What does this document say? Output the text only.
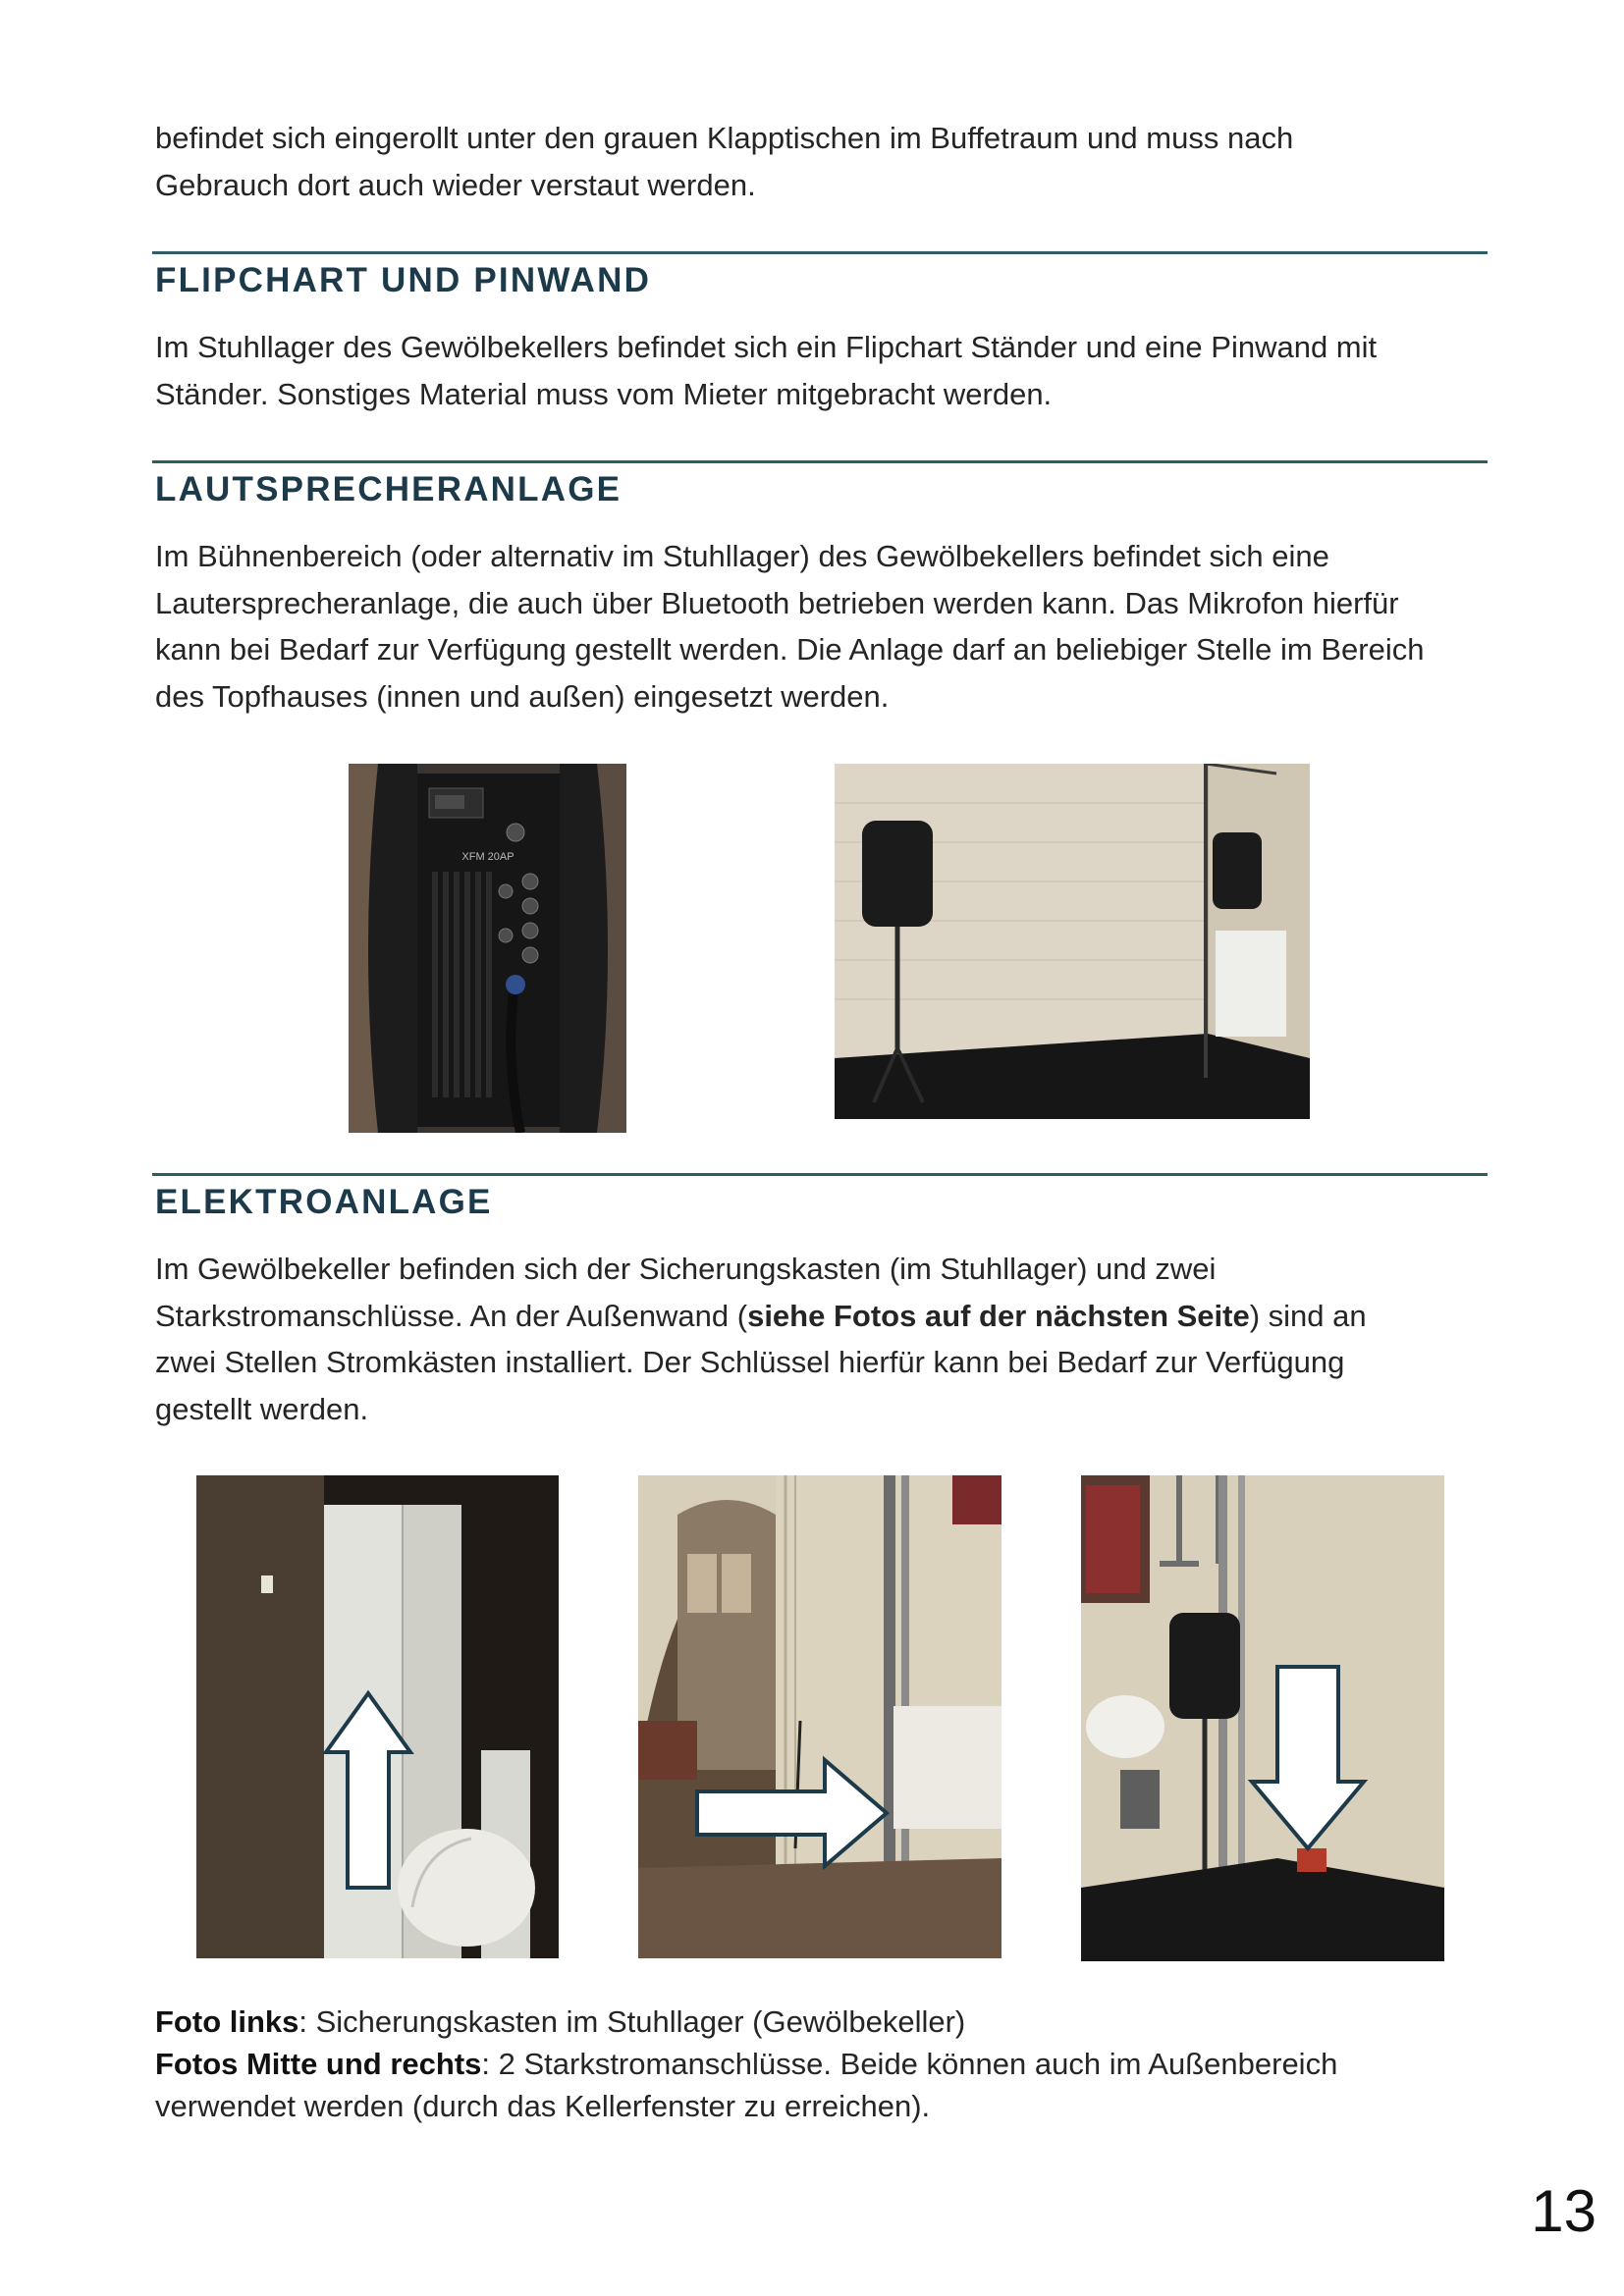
befindet sich eingerollt unter den grauen Klapptischen im Buffetraum und muss nach
Gebrauch dort auch wieder verstaut werden.

FLIPCHART UND PINWAND

Im Stuhllager des Gewölbekellers befindet sich ein Flipchart Ständer und eine Pinwand mit
Ständer. Sonstiges Material muss vom Mieter mitgebracht werden.

LAUTSPRECHERANLAGE

Im Bühnenbereich (oder alternativ im Stuhllager) des Gewölbekellers befindet sich eine
Lautersprecheranlage, die auch über Bluetooth betrieben werden kann. Das Mikrofon hierfür
kann bei Bedarf zur Verfügung gestellt werden. Die Anlage darf an beliebiger Stelle im Bereich
des Topfhauses (innen und außen) eingesetzt werden.

XFM 20AP
ELEKTROANLAGE

Im Gewölbekeller befinden sich der Sicherungskasten (im Stuhllager) und zwei
Starkstromanschlüsse. An der Außenwand (siehe Fotos auf der nächsten Seite) sind an
zwei Stellen Stromkästen installiert. Der Schlüssel hierfür kann bei Bedarf zur Verfügung
gestellt werden.

Foto links: Sicherungskasten im Stuhllager (Gewölbekeller)
Fotos Mitte und rechts: 2 Starkstromanschlüsse. Beide können auch im Außenbereich
verwendet werden (durch das Kellerfenster zu erreichen).

13
